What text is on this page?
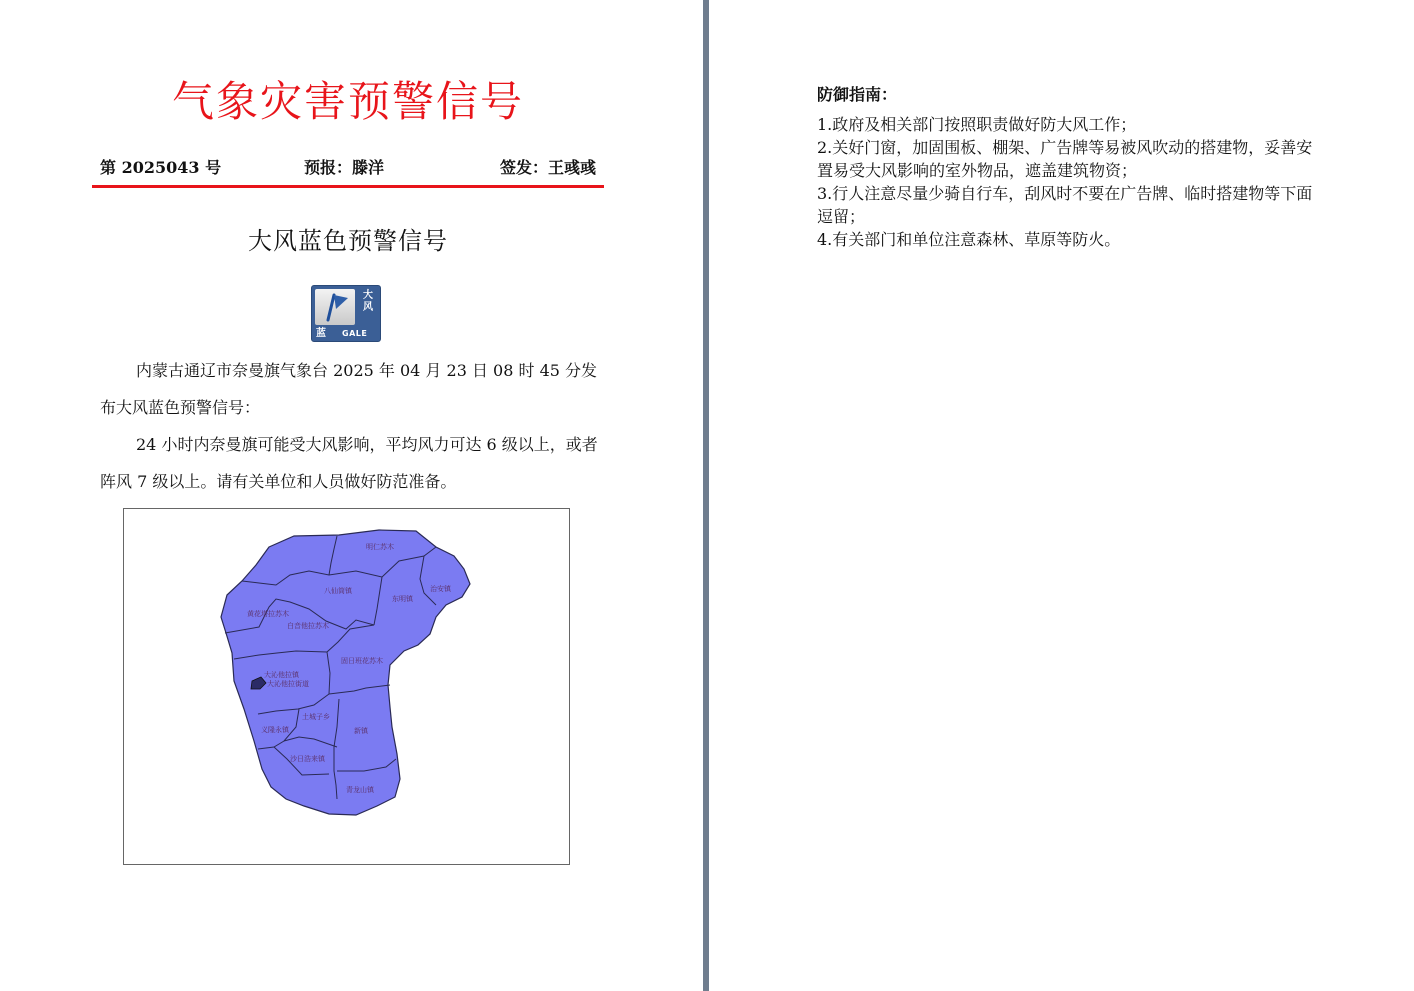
气象灾害预警信号
第 2025043 号	预报：滕洋	签发：王彧彧
大风蓝色预警信号
大风
蓝 GALE

内蒙古通辽市奈曼旗气象台 2025 年 04 月 23 日 08 时 45 分发布大风蓝色预警信号：

24 小时内奈曼旗可能受大风影响，平均风力可达 6 级以上，或者阵风 7 级以上。请有关单位和人员做好防范准备。

明仁苏木
八仙筒镇
东明镇
治安镇
黄花塔拉苏木
白音他拉苏木
固日班花苏木
大沁他拉镇
大沁他拉街道
土城子乡
义隆永镇	新镇
沙日浩来镇
青龙山镇
防御指南：
1.政府及相关部门按照职责做好防大风工作；
2.关好门窗，加固围板、棚架、广告牌等易被风吹动的搭建物，妥善安置易受大风影响的室外物品，遮盖建筑物资；
3.行人注意尽量少骑自行车，刮风时不要在广告牌、临时搭建物等下面逗留；
4.有关部门和单位注意森林、草原等防火。
